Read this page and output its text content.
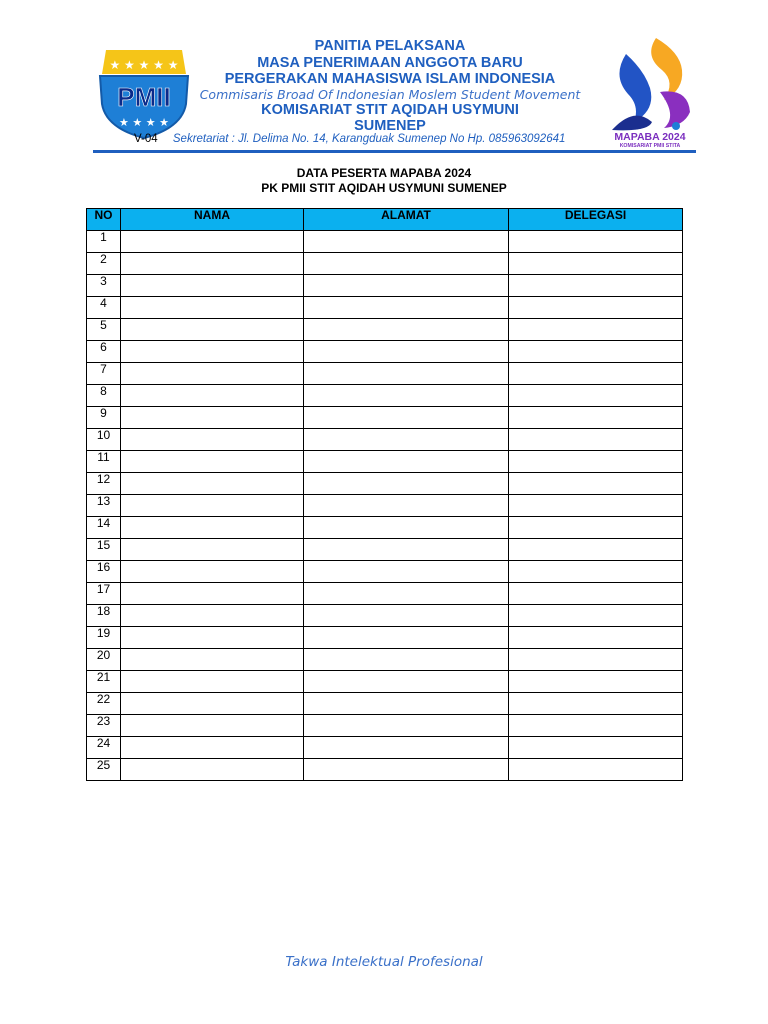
★ ★ ★ ★ ★
PMII
★ ★ ★ ★
PANITIA PELAKSANA
MASA PENERIMAAN ANGGOTA BARU
PERGERAKAN MAHASISWA ISLAM INDONESIA
Commisaris Broad Of Indonesian Moslem Student Movement
KOMISARIAT STIT AQIDAH USYMUNI
SUMENEP
MAPABA 2024
KOMISARIAT PMII STITA
V-04 Sekretariat : Jl. Delima No. 14, Karangduak Sumenep No Hp. 085963092641
DATA PESERTA MAPABA 2024
PK PMII STIT AQIDAH USYMUNI SUMENEP
NO	NAMA	ALAMAT	DELEGASI
1			
2			
3			
4			
5			
6			
7			
8			
9			
10			
11			
12			
13			
14			
15			
16			
17			
18			
19			
20			
21			
22			
23			
24			
25			
Takwa Intelektual Profesional
